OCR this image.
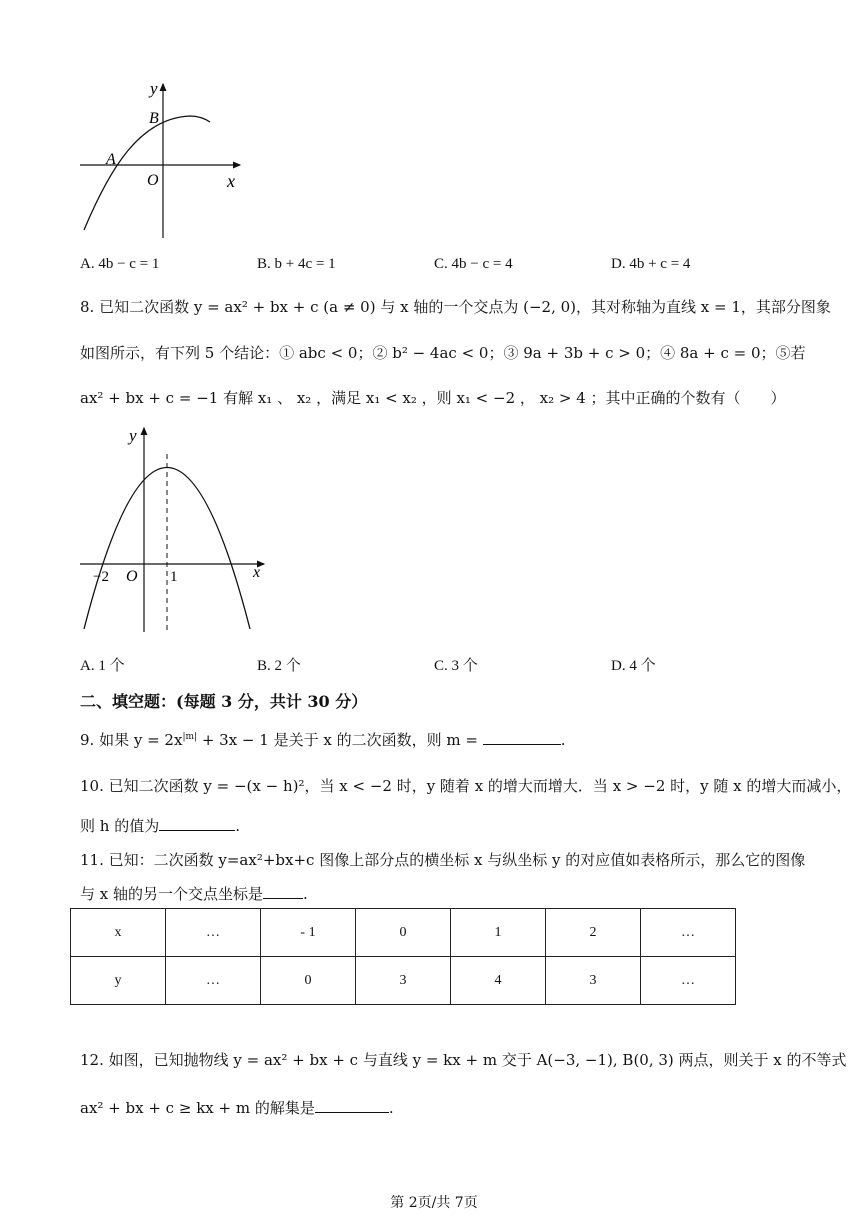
y
B
A
O	x
A. 4b − c = 1	B. b + 4c = 1	C. 4b − c = 4	D. 4b + c = 4
8. 已知二次函数 y = ax² + bx + c (a ≠ 0) 与 x 轴的一个交点为 (−2, 0)，其对称轴为直线 x = 1，其部分图象
如图所示，有下列 5 个结论：① abc < 0；② b² − 4ac < 0；③ 9a + 3b + c > 0；④ 8a + c = 0；⑤若
ax² + bx + c = −1 有解 x₁ 、 x₂ ，满足 x₁ < x₂ ，则 x₁ < −2 ， x₂ > 4 ；其中正确的个数有（　　）
y
−2 O 1	x
A. 1 个	B. 2 个	C. 3 个	D. 4 个
二、填空题：(每题 3 分，共计 30 分）
9. 如果 $y = 2x^{|m|} + 3x - 1$ 是关于 x 的二次函数，则 m =	.
10. 已知二次函数 y = −(x − h)²，当 x < −2 时，y 随着 x 的增大而增大．当 x > −2 时，y 随 x 的增大而减小，
则 h 的值为	.
11. 已知：二次函数 y=ax²+bx+c 图像上部分点的横坐标 x 与纵坐标 y 的对应值如表格所示，那么它的图像
与 x 轴的另一个交点坐标是	.
x	…	- 1	0	1	2	…
y	…	0	3	4	3	…
12. 如图，已知抛物线 y = ax² + bx + c 与直线 y = kx + m 交于 A(−3, −1), B(0, 3) 两点，则关于 x 的不等式
ax² + bx + c ≥ kx + m 的解集是	.
第 2页/共 7页
